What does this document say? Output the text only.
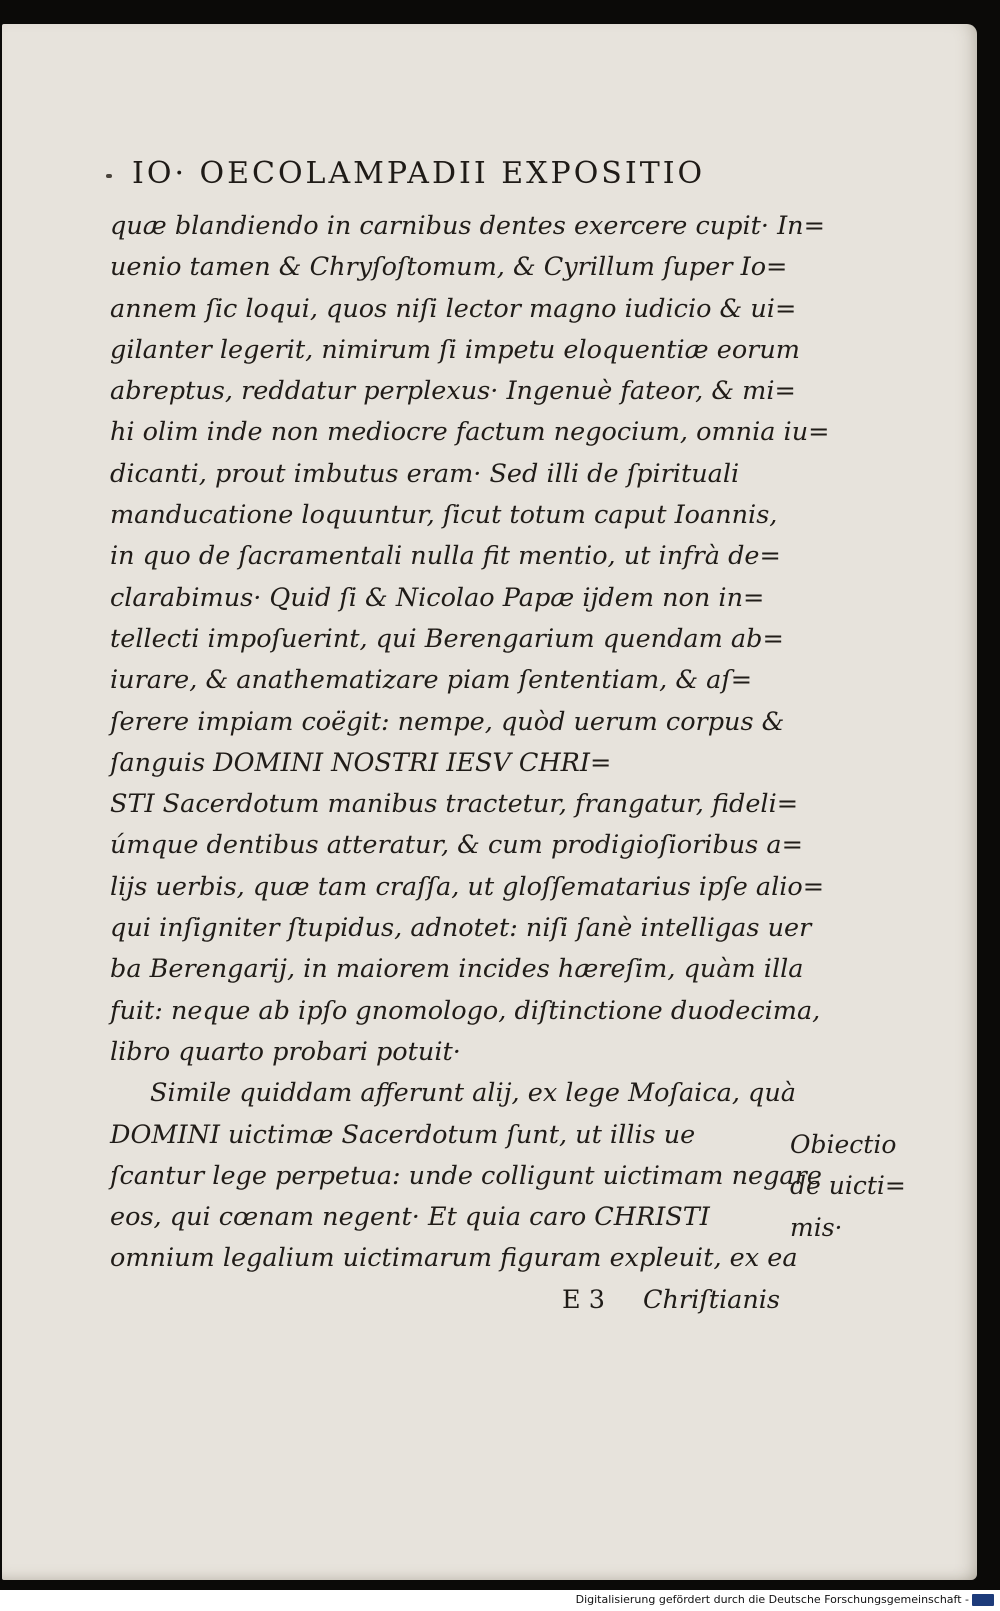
IO· OECOLAMPADII EXPOSITIO
quæ blandiendo in carnibus dentes exercere cupit· In=
uenio tamen & Chryſoſtomum, & Cyrillum ſuper Io=
annem ſic loqui, quos niſi lector magno iudicio & ui=
gilanter legerit, nimirum ſi impetu eloquentiæ eorum
abreptus, reddatur perplexus· Ingenuè fateor, & mi=
hi olim inde non mediocre factum negocium, omnia iu=
dicanti, prout imbutus eram· Sed illi de ſpirituali
manducatione loquuntur, ſicut totum caput Ioannis,
in quo de ſacramentali nulla fit mentio, ut infrà de=
clarabimus· Quid ſi & Nicolao Papæ ijdem non in=
tellecti impoſuerint, qui Berengarium quendam ab=
iurare, & anathematizare piam ſententiam, & aſ=
ſerere impiam coëgit: nempe, quòd uerum corpus &
ſanguis DOMINI NOSTRI IESV CHRI=
STI Sacerdotum manibus tractetur, frangatur, fideli=
úmque dentibus atteratur, & cum prodigioſioribus a=
lijs uerbis, quæ tam craſſa, ut gloſſematarius ipſe alio=
qui inſigniter ſtupidus, adnotet: niſi ſanè intelligas uer
ba Berengarij, in maiorem incides hæreſim, quàm illa
fuit: neque ab ipſo gnomologo, diſtinctione duodecima,
libro quarto probari potuit·
Simile quiddam afferunt alij, ex lege Moſaica, quà
DOMINI uictimæ Sacerdotum ſunt, ut illis ue
ſcantur lege perpetua: unde colligunt uictimam negare
eos, qui cœnam negent· Et quia caro CHRISTI
omnium legalium uictimarum figuram expleuit, ex ea
E 3 Chriſtianis
Obiectio
de uicti=
mis·
Digitalisierung gefördert durch die Deutsche Forschungsgemeinschaft -
